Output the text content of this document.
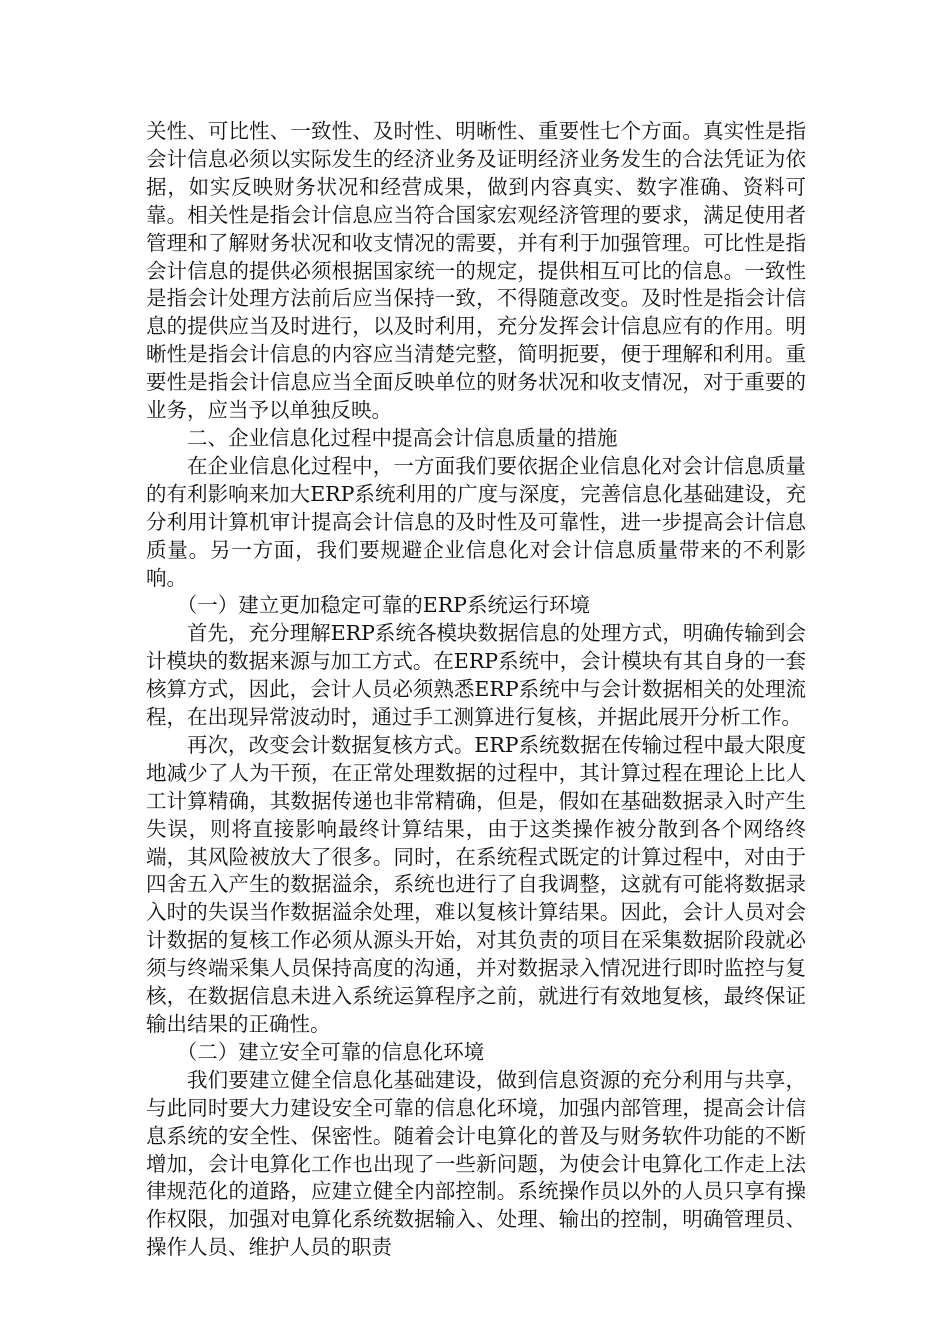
关性、可比性、一致性、及时性、明晰性、重要性七个方面。真实性是指会计信息必须以实际发生的经济业务及证明经济业务发生的合法凭证为依据，如实反映财务状况和经营成果，做到内容真实、数字准确、资料可靠。相关性是指会计信息应当符合国家宏观经济管理的要求，满足使用者管理和了解财务状况和收支情况的需要，并有利于加强管理。可比性是指会计信息的提供必须根据国家统一的规定，提供相互可比的信息。一致性是指会计处理方法前后应当保持一致，不得随意改变。及时性是指会计信息的提供应当及时进行，以及时利用，充分发挥会计信息应有的作用。明晰性是指会计信息的内容应当清楚完整，简明扼要，便于理解和利用。重要性是指会计信息应当全面反映单位的财务状况和收支情况，对于重要的业务，应当予以单独反映。

二、企业信息化过程中提高会计信息质量的措施

在企业信息化过程中，一方面我们要依据企业信息化对会计信息质量的有利影响来加大ERP系统利用的广度与深度，完善信息化基础建设，充分利用计算机审计提高会计信息的及时性及可靠性，进一步提高会计信息质量。另一方面，我们要规避企业信息化对会计信息质量带来的不利影响。

（一）建立更加稳定可靠的ERP系统运行环境

首先，充分理解ERP系统各模块数据信息的处理方式，明确传输到会计模块的数据来源与加工方式。在ERP系统中，会计模块有其自身的一套核算方式，因此，会计人员必须熟悉ERP系统中与会计数据相关的处理流程，在出现异常波动时，通过手工测算进行复核，并据此展开分析工作。

再次，改变会计数据复核方式。ERP系统数据在传输过程中最大限度地减少了人为干预，在正常处理数据的过程中，其计算过程在理论上比人工计算精确，其数据传递也非常精确，但是，假如在基础数据录入时产生失误，则将直接影响最终计算结果，由于这类操作被分散到各个网络终端，其风险被放大了很多。同时，在系统程式既定的计算过程中，对由于四舍五入产生的数据溢余，系统也进行了自我调整，这就有可能将数据录入时的失误当作数据溢余处理，难以复核计算结果。因此，会计人员对会计数据的复核工作必须从源头开始，对其负责的项目在采集数据阶段就必须与终端采集人员保持高度的沟通，并对数据录入情况进行即时监控与复核，在数据信息未进入系统运算程序之前，就进行有效地复核，最终保证输出结果的正确性。

（二）建立安全可靠的信息化环境

我们要建立健全信息化基础建设，做到信息资源的充分利用与共享，与此同时要大力建设安全可靠的信息化环境，加强内部管理，提高会计信息系统的安全性、保密性。随着会计电算化的普及与财务软件功能的不断增加，会计电算化工作也出现了一些新问题，为使会计电算化工作走上法律规范化的道路，应建立健全内部控制。系统操作员以外的人员只享有操作权限，加强对电算化系统数据输入、处理、输出的控制，明确管理员、操作人员、维护人员的职责
